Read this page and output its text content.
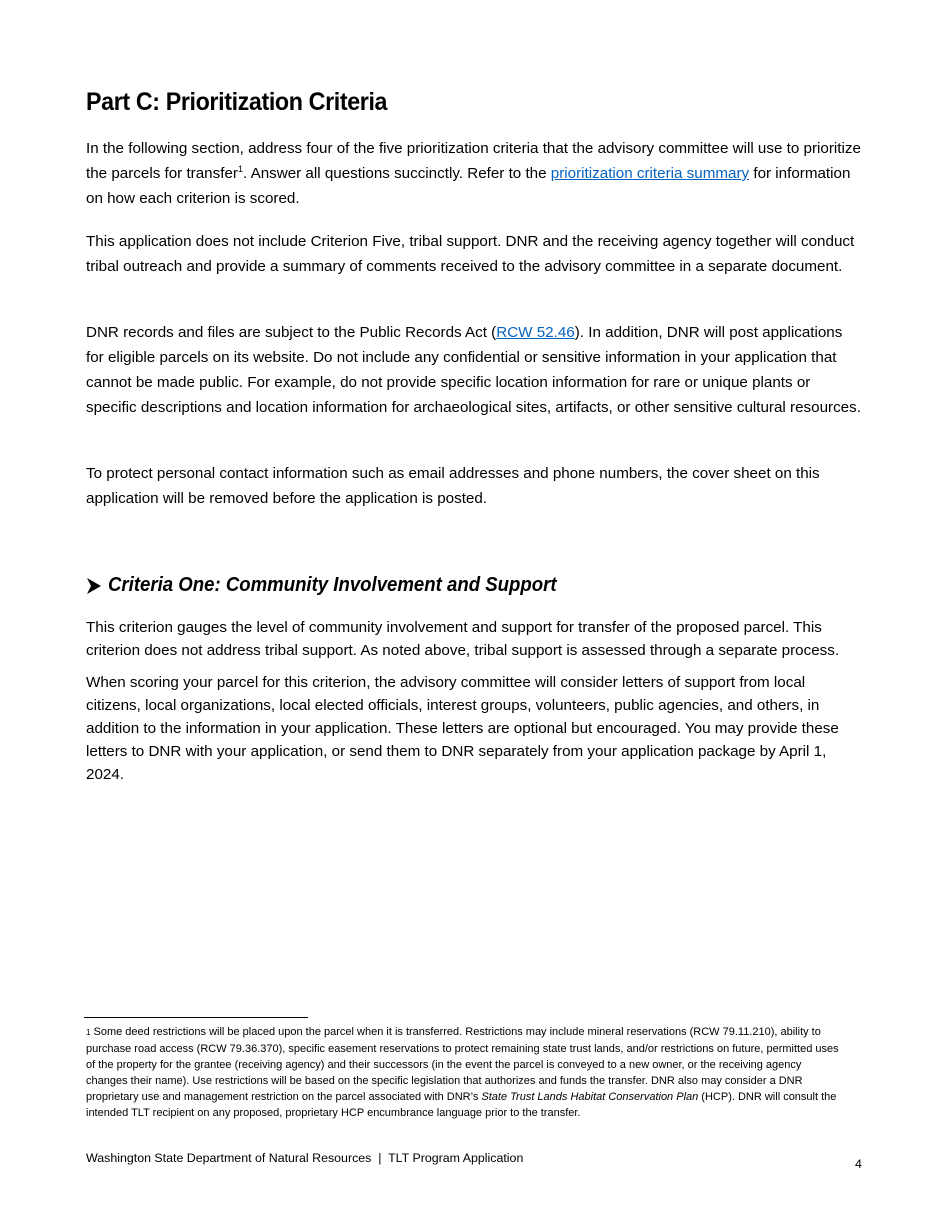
Part C: Prioritization Criteria

In the following section, address four of the five prioritization criteria that the advisory committee will use to prioritize the parcels for transfer$^1$. Answer all questions succinctly. Refer to the prioritization criteria summary for information on how each criterion is scored.

This application does not include Criterion Five, tribal support. DNR and the receiving agency together will conduct tribal outreach and provide a summary of comments received to the advisory committee in a separate document.

DNR records and files are subject to the Public Records Act (RCW 52.46). In addition, DNR will post applications for eligible parcels on its website. Do not include any confidential or sensitive information in your application that cannot be made public. For example, do not provide specific location information for rare or unique plants or specific descriptions and location information for archaeological sites, artifacts, or other sensitive cultural resources.

To protect personal contact information such as email addresses and phone numbers, the cover sheet on this application will be removed before the application is posted.

Criteria One: Community Involvement and Support

This criterion gauges the level of community involvement and support for transfer of the proposed parcel. This criterion does not address tribal support. As noted above, tribal support is assessed through a separate process.

When scoring your parcel for this criterion, the advisory committee will consider letters of support from local citizens, local organizations, local elected officials, interest groups, volunteers, public agencies, and others, in addition to the information in your application. These letters are optional but encouraged. You may provide these letters to DNR with your application, or send them to DNR separately from your application package by April 1, 2024.

1 Some deed restrictions will be placed upon the parcel when it is transferred. Restrictions may include mineral reservations (RCW 79.11.210), ability to purchase road access (RCW 79.36.370), specific easement reservations to protect remaining state trust lands, and/or restrictions on future, permitted uses of the property for the grantee (receiving agency) and their successors (in the event the parcel is conveyed to a new owner, or the receiving agency changes their name). Use restrictions will be based on the specific legislation that authorizes and funds the transfer. DNR also may consider a DNR proprietary use and management restriction on the parcel associated with DNR’s State Trust Lands Habitat Conservation Plan (HCP). DNR will consult the intended TLT recipient on any proposed, proprietary HCP encumbrance language prior to the transfer.

Washington State Department of Natural Resources  |  TLT Program Application	4
